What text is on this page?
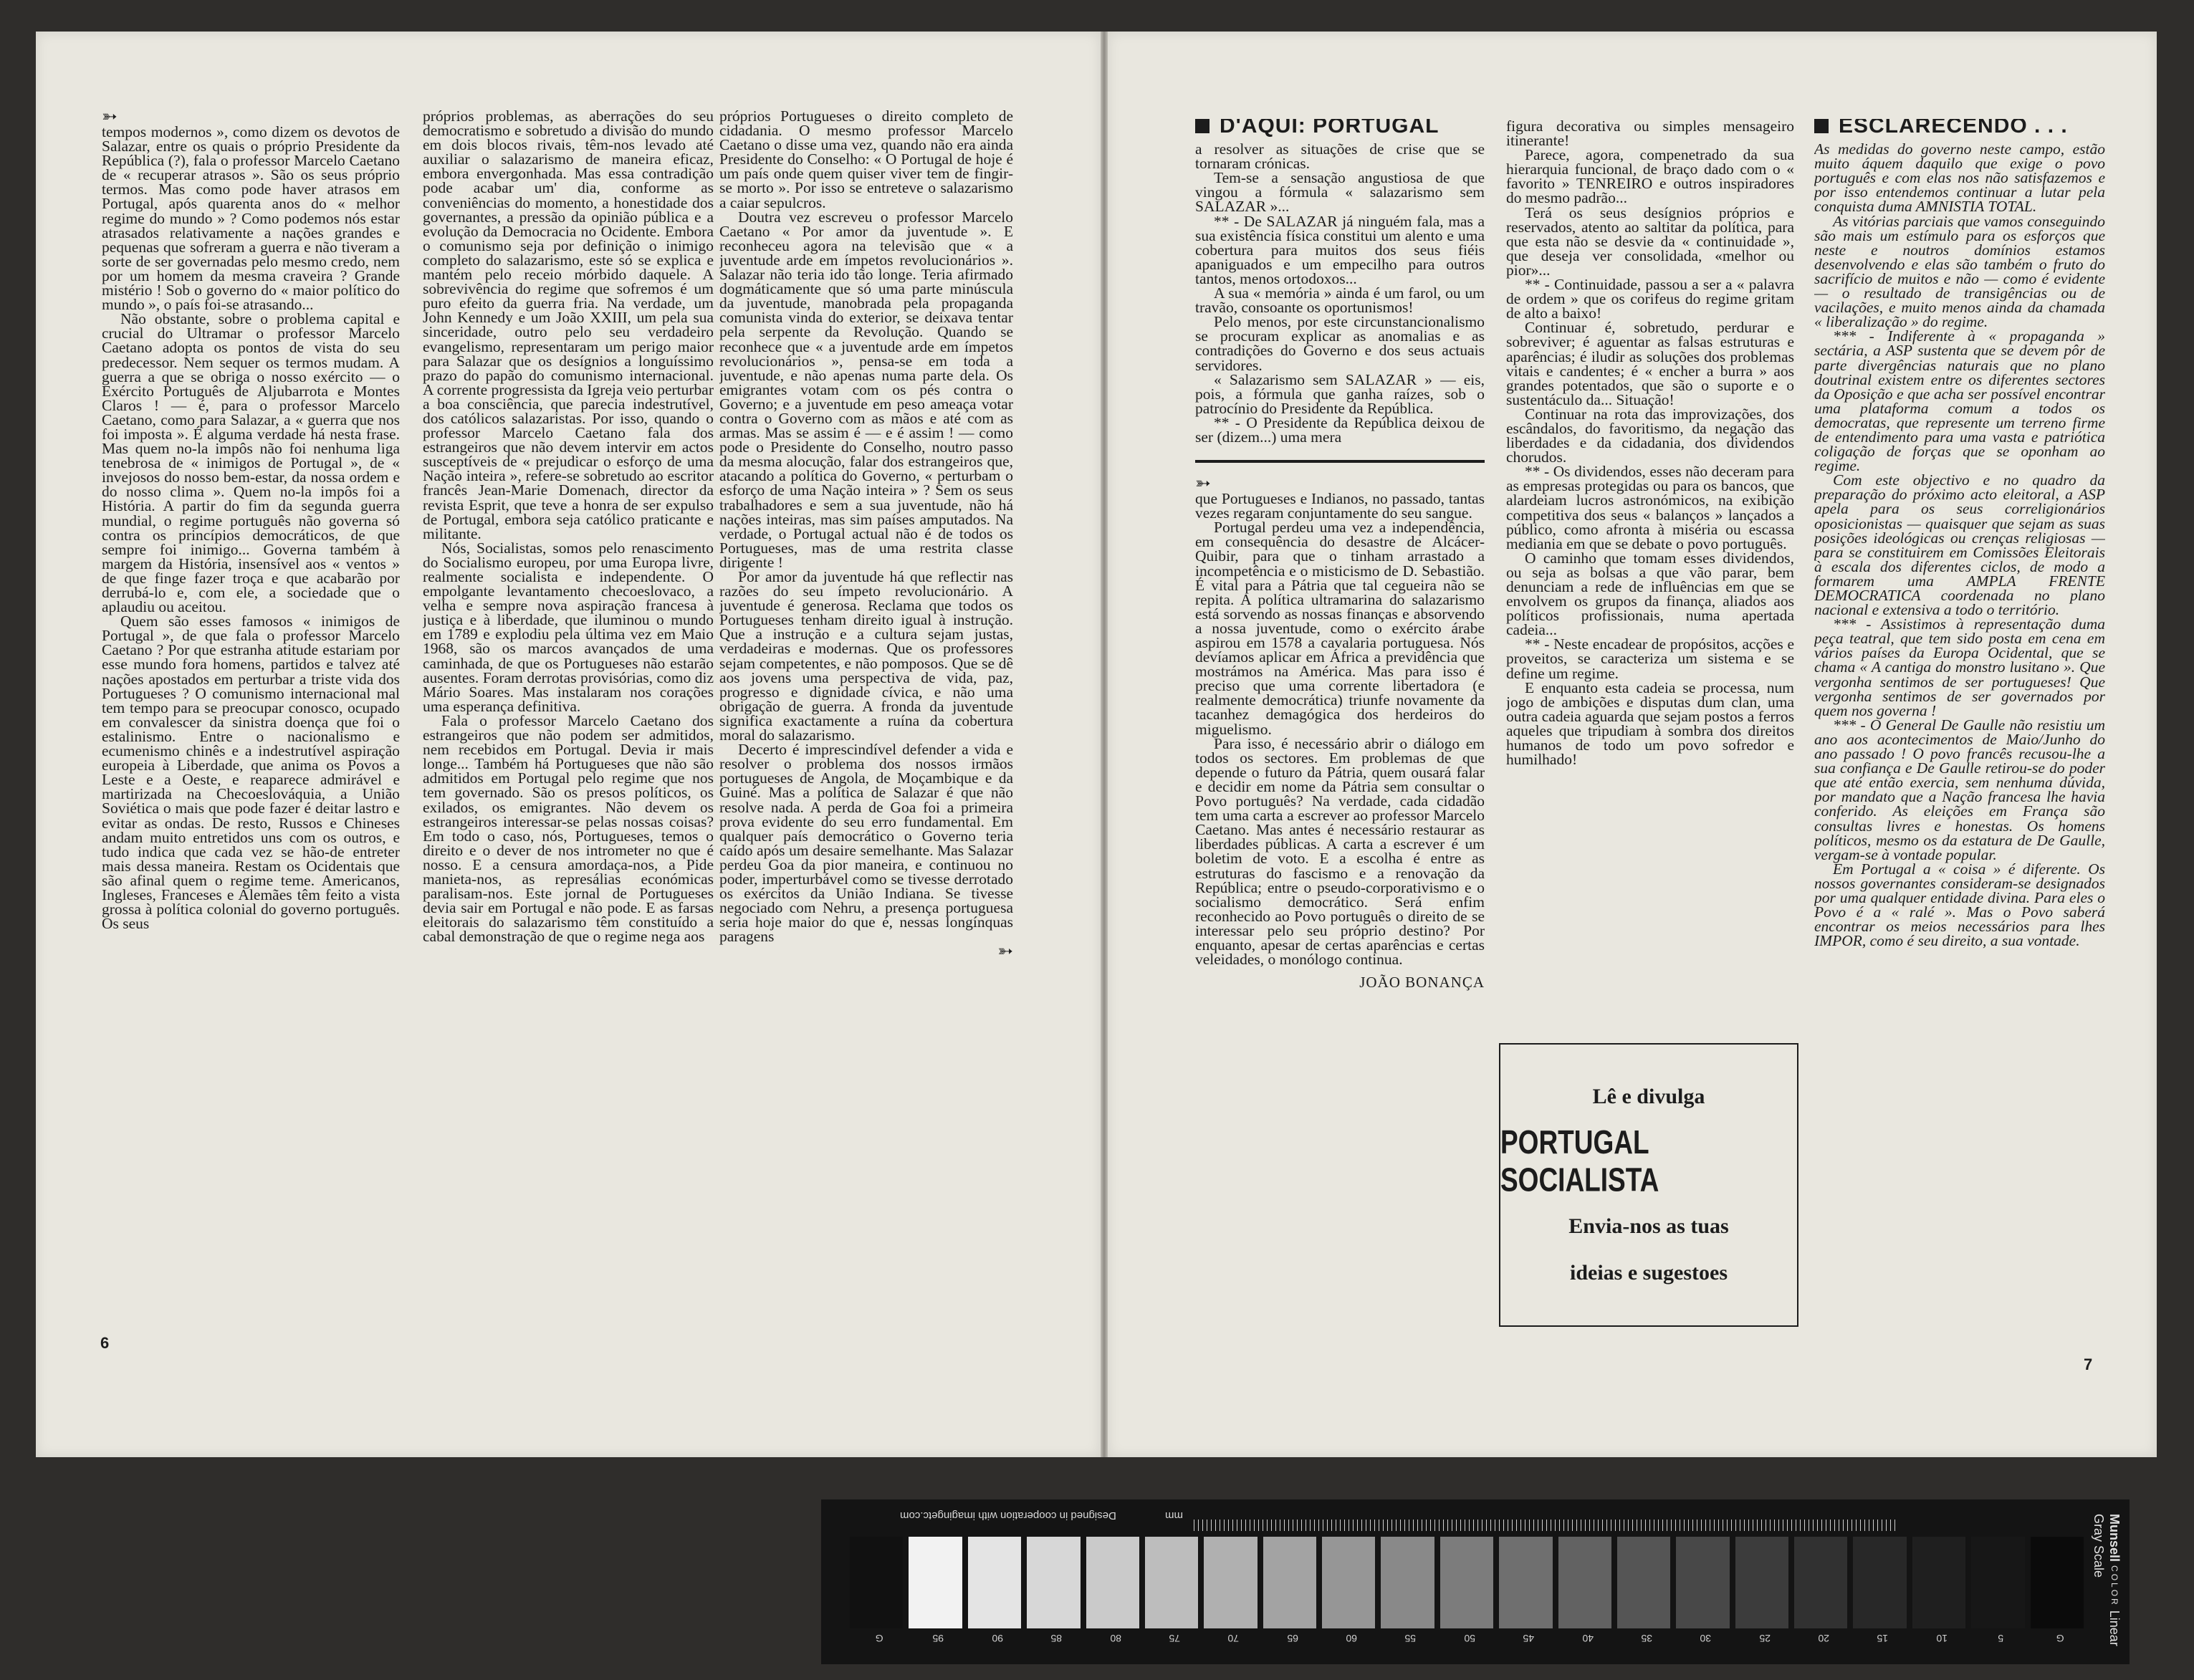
➳

tempos modernos », como dizem os devotos de Salazar, entre os quais o próprio Presidente da República (?), fala o professor Marcelo Caetano de « recuperar atrasos ». São os seus próprio termos. Mas como pode haver atrasos em Portugal, após quarenta anos do « melhor regime do mundo » ? Como podemos nós estar atrasados relativamente a nações grandes e pequenas que sofreram a guerra e não tiveram a sorte de ser governadas pelo mesmo credo, nem por um homem da mesma craveira ? Grande mistério ! Sob o governo do « maior político do mundo », o país foi-se atrasando...

Não obstante, sobre o problema capital e crucial do Ultramar o professor Marcelo Caetano adopta os pontos de vista do seu predecessor. Nem sequer os termos mudam. A guerra a que se obriga o nosso exército — o Exército Português de Aljubarrota e Montes Claros ! — é, para o professor Marcelo Caetano, como para Salazar, a « guerra que nos foi imposta ». É alguma verdade há nesta frase. Mas quem no-la impôs não foi nenhuma liga tenebrosa de « inimigos de Portugal », de « invejosos do nosso bem-estar, da nossa ordem e do nosso clima ». Quem no-la impôs foi a História. A partir do fim da segunda guerra mundial, o regime português não governa só contra os princípios democráticos, de que sempre foi inimigo... Governa também à margem da História, insensível aos « ventos » de que finge fazer troça e que acabarão por derrubá-lo e, com ele, a sociedade que o aplaudiu ou aceitou.

Quem são esses famosos « inimigos de Portugal », de que fala o professor Marcelo Caetano ? Por que estranha atitude estariam por esse mundo fora homens, partidos e talvez até nações apostados em perturbar a triste vida dos Portugueses ? O comunismo internacional mal tem tempo para se preocupar conosco, ocupado em convalescer da sinistra doença que foi o estalinismo. Entre o nacionalismo e ecumenismo chinês e a indestrutível aspiração europeia à Liberdade, que anima os Povos a Leste e a Oeste, e reaparece admirável e martirizada na Checoeslováquia, a União Soviética o mais que pode fazer é deitar lastro e evitar as ondas. De resto, Russos e Chineses andam muito entretidos uns com os outros, e tudo indica que cada vez se hão-de entreter mais dessa maneira. Restam os Ocidentais que são afinal quem o regime teme. Americanos, Ingleses, Franceses e Alemães têm feito a vista grossa à política colonial do governo português. Os seus

próprios problemas, as aberrações do seu democratismo e sobretudo a divisão do mundo em dois blocos rivais, têm-nos levado até auxiliar o salazarismo de maneira eficaz, embora envergonhada. Mas essa contradição pode acabar um' dia, conforme as conveniências do momento, a honestidade dos governantes, a pressão da opinião pública e a evolução da Democracia no Ocidente. Embora o comunismo seja por definição o inimigo completo do salazarismo, este só se explica e mantém pelo receio mórbido daquele. A sobrevivência do regime que sofremos é um puro efeito da guerra fria. Na verdade, um John Kennedy e um João XXIII, um pela sua sinceridade, outro pelo seu verdadeiro evangelismo, representaram um perigo maior para Salazar que os desígnios a longuíssimo prazo do papão do comunismo internacional. A corrente progressista da Igreja veio perturbar a boa consciência, que parecia indestrutível, dos católicos salazaristas. Por isso, quando o professor Marcelo Caetano fala dos estrangeiros que não devem intervir em actos susceptíveis de « prejudicar o esforço de uma Nação inteira », refere-se sobretudo ao escritor francês Jean-Marie Domenach, director da revista Esprit, que teve a honra de ser expulso de Portugal, embora seja católico praticante e militante.

Nós, Socialistas, somos pelo renascimento do Socialismo europeu, por uma Europa livre, realmente socialista e independente. O empolgante levantamento checoeslovaco, a velha e sempre nova aspiração francesa à justiça e à liberdade, que iluminou o mundo em 1789 e explodiu pela última vez em Maio 1968, são os marcos avançados de uma caminhada, de que os Portugueses não estarão ausentes. Foram derrotas provisórias, como diz Mário Soares. Mas instalaram nos corações uma esperança definitiva.

Fala o professor Marcelo Caetano dos estrangeiros que não podem ser admitidos, nem recebidos em Portugal. Devia ir mais longe... Também há Portugueses que não são admitidos em Portugal pelo regime que nos tem governado. São os presos políticos, os exilados, os emigrantes. Não devem os estrangeiros interessar-se pelas nossas coisas? Em todo o caso, nós, Portugueses, temos o direito e o dever de nos intrometer no que é nosso. E a censura amordaça-nos, a Pide manieta-nos, as represálias económicas paralisam-nos. Este jornal de Portugueses devia sair em Portugal e não pode. E as farsas eleitorais do salazarismo têm constituído a cabal demonstração de que o regime nega aos

próprios Portugueses o direito completo de cidadania. O mesmo professor Marcelo Caetano o disse uma vez, quando não era ainda Presidente do Conselho: « O Portugal de hoje é um país onde quem quiser viver tem de fingir-se morto ». Por isso se entreteve o salazarismo a caiar sepulcros.

Doutra vez escreveu o professor Marcelo Caetano « Por amor da juventude ». E reconheceu agora na televisão que « a juventude arde em ímpetos revolucionários ». Salazar não teria ido tão longe. Teria afirmado dogmáticamente que só uma parte minúscula da juventude, manobrada pela propaganda comunista vinda do exterior, se deixava tentar pela serpente da Revolução. Quando se reconhece que « a juventude arde em ímpetos revolucionários », pensa-se em toda a juventude, e não apenas numa parte dela. Os emigrantes votam com os pés contra o Governo; e a juventude em peso ameaça votar contra o Governo com as mãos e até com as armas. Mas se assim é — e é assim ! — como pode o Presidente do Conselho, noutro passo da mesma alocução, falar dos estrangeiros que, atacando a política do Governo, « perturbam o esforço de uma Nação inteira » ? Sem os seus trabalhadores e sem a sua juventude, não há nações inteiras, mas sim países amputados. Na verdade, o Portugal actual não é de todos os Portugueses, mas de uma restrita classe dirigente !

Por amor da juventude há que reflectir nas razões do seu ímpeto revolucionário. A juventude é generosa. Reclama que todos os Portugueses tenham direito igual à instrução. Que a instrução e a cultura sejam justas, verdadeiras e modernas. Que os professores sejam competentes, e não pomposos. Que se dê aos jovens uma perspectiva de vida, paz, progresso e dignidade cívica, e não uma obrigação de guerra. A fronda da juventude significa exactamente a ruína da cobertura moral do salazarismo.

Decerto é imprescindível defender a vida e resolver o problema dos nossos irmãos portugueses de Angola, de Moçambique e da Guiné. Mas a política de Salazar é que não resolve nada. A perda de Goa foi a primeira prova evidente do seu erro fundamental. Em qualquer país democrático o Governo teria caído após um desaire semelhante. Mas Salazar perdeu Goa da pior maneira, e continuou no poder, imperturbável como se tivesse derrotado os exércitos da União Indiana. Se tivesse negociado com Nehru, a presença portuguesa seria hoje maior do que é, nessas longínquas paragens

➳
6
D'AQUI: PORTUGAL

a resolver as situações de crise que se tornaram crónicas.

Tem-se a sensação angustiosa de que vingou a fórmula « salazarismo sem SALAZAR »...

** - De SALAZAR já ninguém fala, mas a sua existência física constitui um alento e uma cobertura para muitos dos seus fiéis apaniguados e um empecilho para outros tantos, menos ortodoxos...

A sua « memória » ainda é um farol, ou um travão, consoante os oportunismos!

Pelo menos, por este circunstancionalismo se procuram explicar as anomalias e as contradições do Governo e dos seus actuais servidores.

« Salazarismo sem SALAZAR » — eis, pois, a fórmula que ganha raízes, sob o patrocínio do Presidente da República.

** - O Presidente da República deixou de ser (dizem...) uma mera

➳

que Portugueses e Indianos, no passado, tantas vezes regaram conjuntamente do seu sangue.

Portugal perdeu uma vez a independência, em consequência do desastre de Alcácer-Quibir, para que o tinham arrastado a incompetência e o misticismo de D. Sebastião. É vital para a Pátria que tal cegueira não se repita. A política ultramarina do salazarismo está sorvendo as nossas finanças e absorvendo a nossa juventude, como o exército árabe aspirou em 1578 a cavalaria portuguesa. Nós devíamos aplicar em África a previdência que mostrámos na América. Mas para isso é preciso que uma corrente libertadora (e realmente democrática) triunfe novamente da tacanhez demagógica dos herdeiros do miguelismo.

Para isso, é necessário abrir o diálogo em todos os sectores. Em problemas de que depende o futuro da Pátria, quem ousará falar e decidir em nome da Pátria sem consultar o Povo português? Na verdade, cada cidadão tem uma carta a escrever ao professor Marcelo Caetano. Mas antes é necessário restaurar as liberdades públicas. A carta a escrever é um boletim de voto. E a escolha é entre as estruturas do fascismo e a renovação da República; entre o pseudo-corporativismo e o socialismo democrático. Será enfim reconhecido ao Povo português o direito de se interessar pelo seu próprio destino? Por enquanto, apesar de certas aparências e certas veleidades, o monólogo continua.

JOÃO BONANÇA

figura decorativa ou simples mensageiro itinerante!

Parece, agora, compenetrado da sua hierarquia funcional, de braço dado com o « favorito » TENREIRO e outros inspiradores do mesmo padrão...

Terá os seus desígnios próprios e reservados, atento ao saltitar da política, para que esta não se desvie da « continuidade », que deseja ver consolidada, «melhor ou pior»...

** - Continuidade, passou a ser a « palavra de ordem » que os corifeus do regime gritam de alto a baixo!

Continuar é, sobretudo, perdurar e sobreviver; é aguentar as falsas estruturas e aparências; é iludir as soluções dos problemas vitais e candentes; é « encher a burra » aos grandes potentados, que são o suporte e o sustentáculo da... Situação!

Continuar na rota das improvizações, dos escândalos, do favoritismo, da negação das liberdades e da cidadania, dos dividendos chorudos.

** - Os dividendos, esses não deceram para as empresas protegidas ou para os bancos, que alardeiam lucros astronómicos, na exibição competitiva dos seus « balanços » lançados a público, como afronta à miséria ou escassa mediania em que se debate o povo português.

O caminho que tomam esses dividendos, ou seja as bolsas a que vão parar, bem denunciam a rede de influências em que se envolvem os grupos da finança, aliados aos políticos profissionais, numa apertada cadeia...

** - Neste encadear de propósitos, acções e proveitos, se caracteriza um sistema e se define um regime.

E enquanto esta cadeia se processa, num jogo de ambições e disputas dum clan, uma outra cadeia aguarda que sejam postos a ferros aqueles que tripudiam à sombra dos direitos humanos de todo um povo sofredor e humilhado!

Lê e divulga
PORTUGAL SOCIALISTA
Envia-nos as tuas
ideias e sugestoes
ESCLARECENDO . . .

As medidas do governo neste campo, estão muito áquem daquilo que exige o povo português e com elas nos não satisfazemos e por isso entendemos continuar a lutar pela conquista duma AMNISTIA TOTAL.

As vitórias parciais que vamos conseguindo são mais um estímulo para os esforços que neste e noutros domínios estamos desenvolvendo e elas são também o fruto do sacrifício de muitos e não — como é evidente — o resultado de transigências ou de vacilações, e muito menos ainda da chamada « liberalização » do regime.

*** - Indiferente à « propaganda » sectária, a ASP sustenta que se devem pôr de parte divergências naturais que no plano doutrinal existem entre os diferentes sectores da Oposição e que acha ser possível encontrar uma plataforma comum a todos os democratas, que represente um terreno firme de entendimento para uma vasta e patriótica coligação de forças que se oponham ao regime.

Com este objectivo e no quadro da preparação do próximo acto eleitoral, a ASP apela para os seus correligionários oposicionistas — quaisquer que sejam as suas posições ideológicas ou crenças religiosas — para se constituirem em Comissões Eleitorais à escala dos diferentes ciclos, de modo a formarem uma AMPLA FRENTE DEMOCRATICA coordenada no plano nacional e extensiva a todo o território.

*** - Assistimos à representação duma peça teatral, que tem sido posta em cena em vários países da Europa Ocidental, que se chama « A cantiga do monstro lusitano ». Que vergonha sentimos de ser portugueses! Que vergonha sentimos de ser governados por quem nos governa !

*** - O General De Gaulle não resistiu um ano aos acontecimentos de Maio/Junho do ano passado ! O povo francês recusou-lhe a sua confiança e De Gaulle retirou-se do poder que até então exercia, sem nenhuma dúvida, por mandato que a Nação francesa lhe havia conferido. As eleições em França são consultas livres e honestas. Os homens políticos, mesmo os da estatura de De Gaulle, vergam-se à vontade popular.

Em Portugal a « coisa » é diferente. Os nossos governantes consideram-se designados por uma qualquer entidade divina. Para eles o Povo é a « ralé ». Mas o Povo saberá encontrar os meios necessários para lhes IMPOR, como é seu direito, a sua vontade.

7
Designed in cooperation with imagingetc.com	mm
G	95	90	85	80	75	70	65	60	55	50	45	40	35	30	25	20	15	10	5	G
Munsell COLOR Linear Gray Scale
